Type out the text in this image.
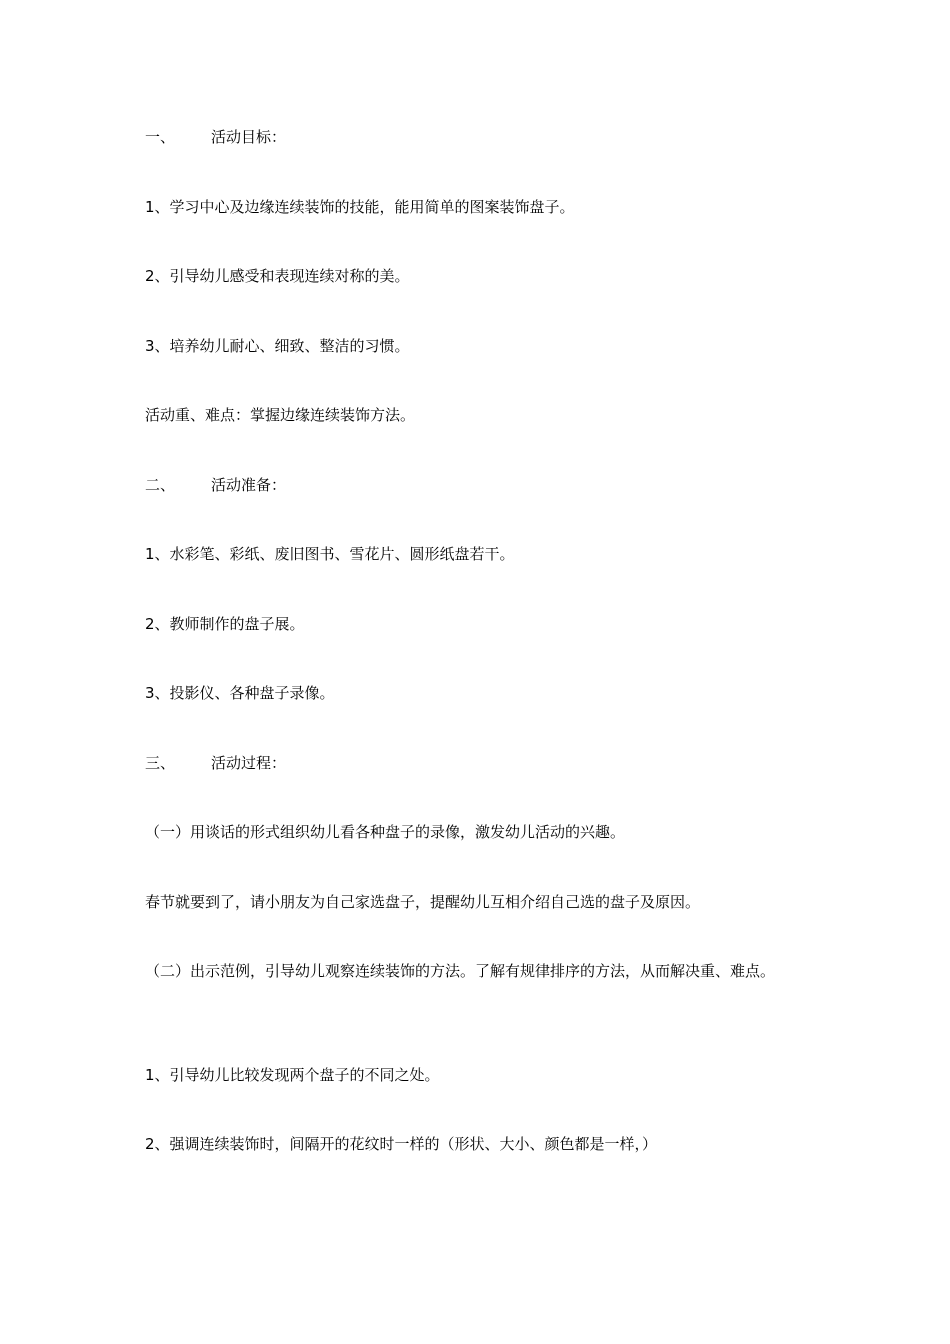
一、 活动目标：
1、学习中心及边缘连续装饰的技能，能用简单的图案装饰盘子。
2、引导幼儿感受和表现连续对称的美。
3、培养幼儿耐心、细致、整洁的习惯。
活动重、难点：掌握边缘连续装饰方法。
二、 活动准备：
1、水彩笔、彩纸、废旧图书、雪花片、圆形纸盘若干。
2、教师制作的盘子展。
3、投影仪、各种盘子录像。
三、 活动过程：
（一）用谈话的形式组织幼儿看各种盘子的录像，激发幼儿活动的兴趣。
春节就要到了，请小朋友为自己家选盘子，提醒幼儿互相介绍自己选的盘子及原因。
（二）出示范例，引导幼儿观察连续装饰的方法。了解有规律排序的方法，从而解决重、难点。
1、引导幼儿比较发现两个盘子的不同之处。
2、强调连续装饰时，间隔开的花纹时一样的（形状、大小、颜色都是一样，）
